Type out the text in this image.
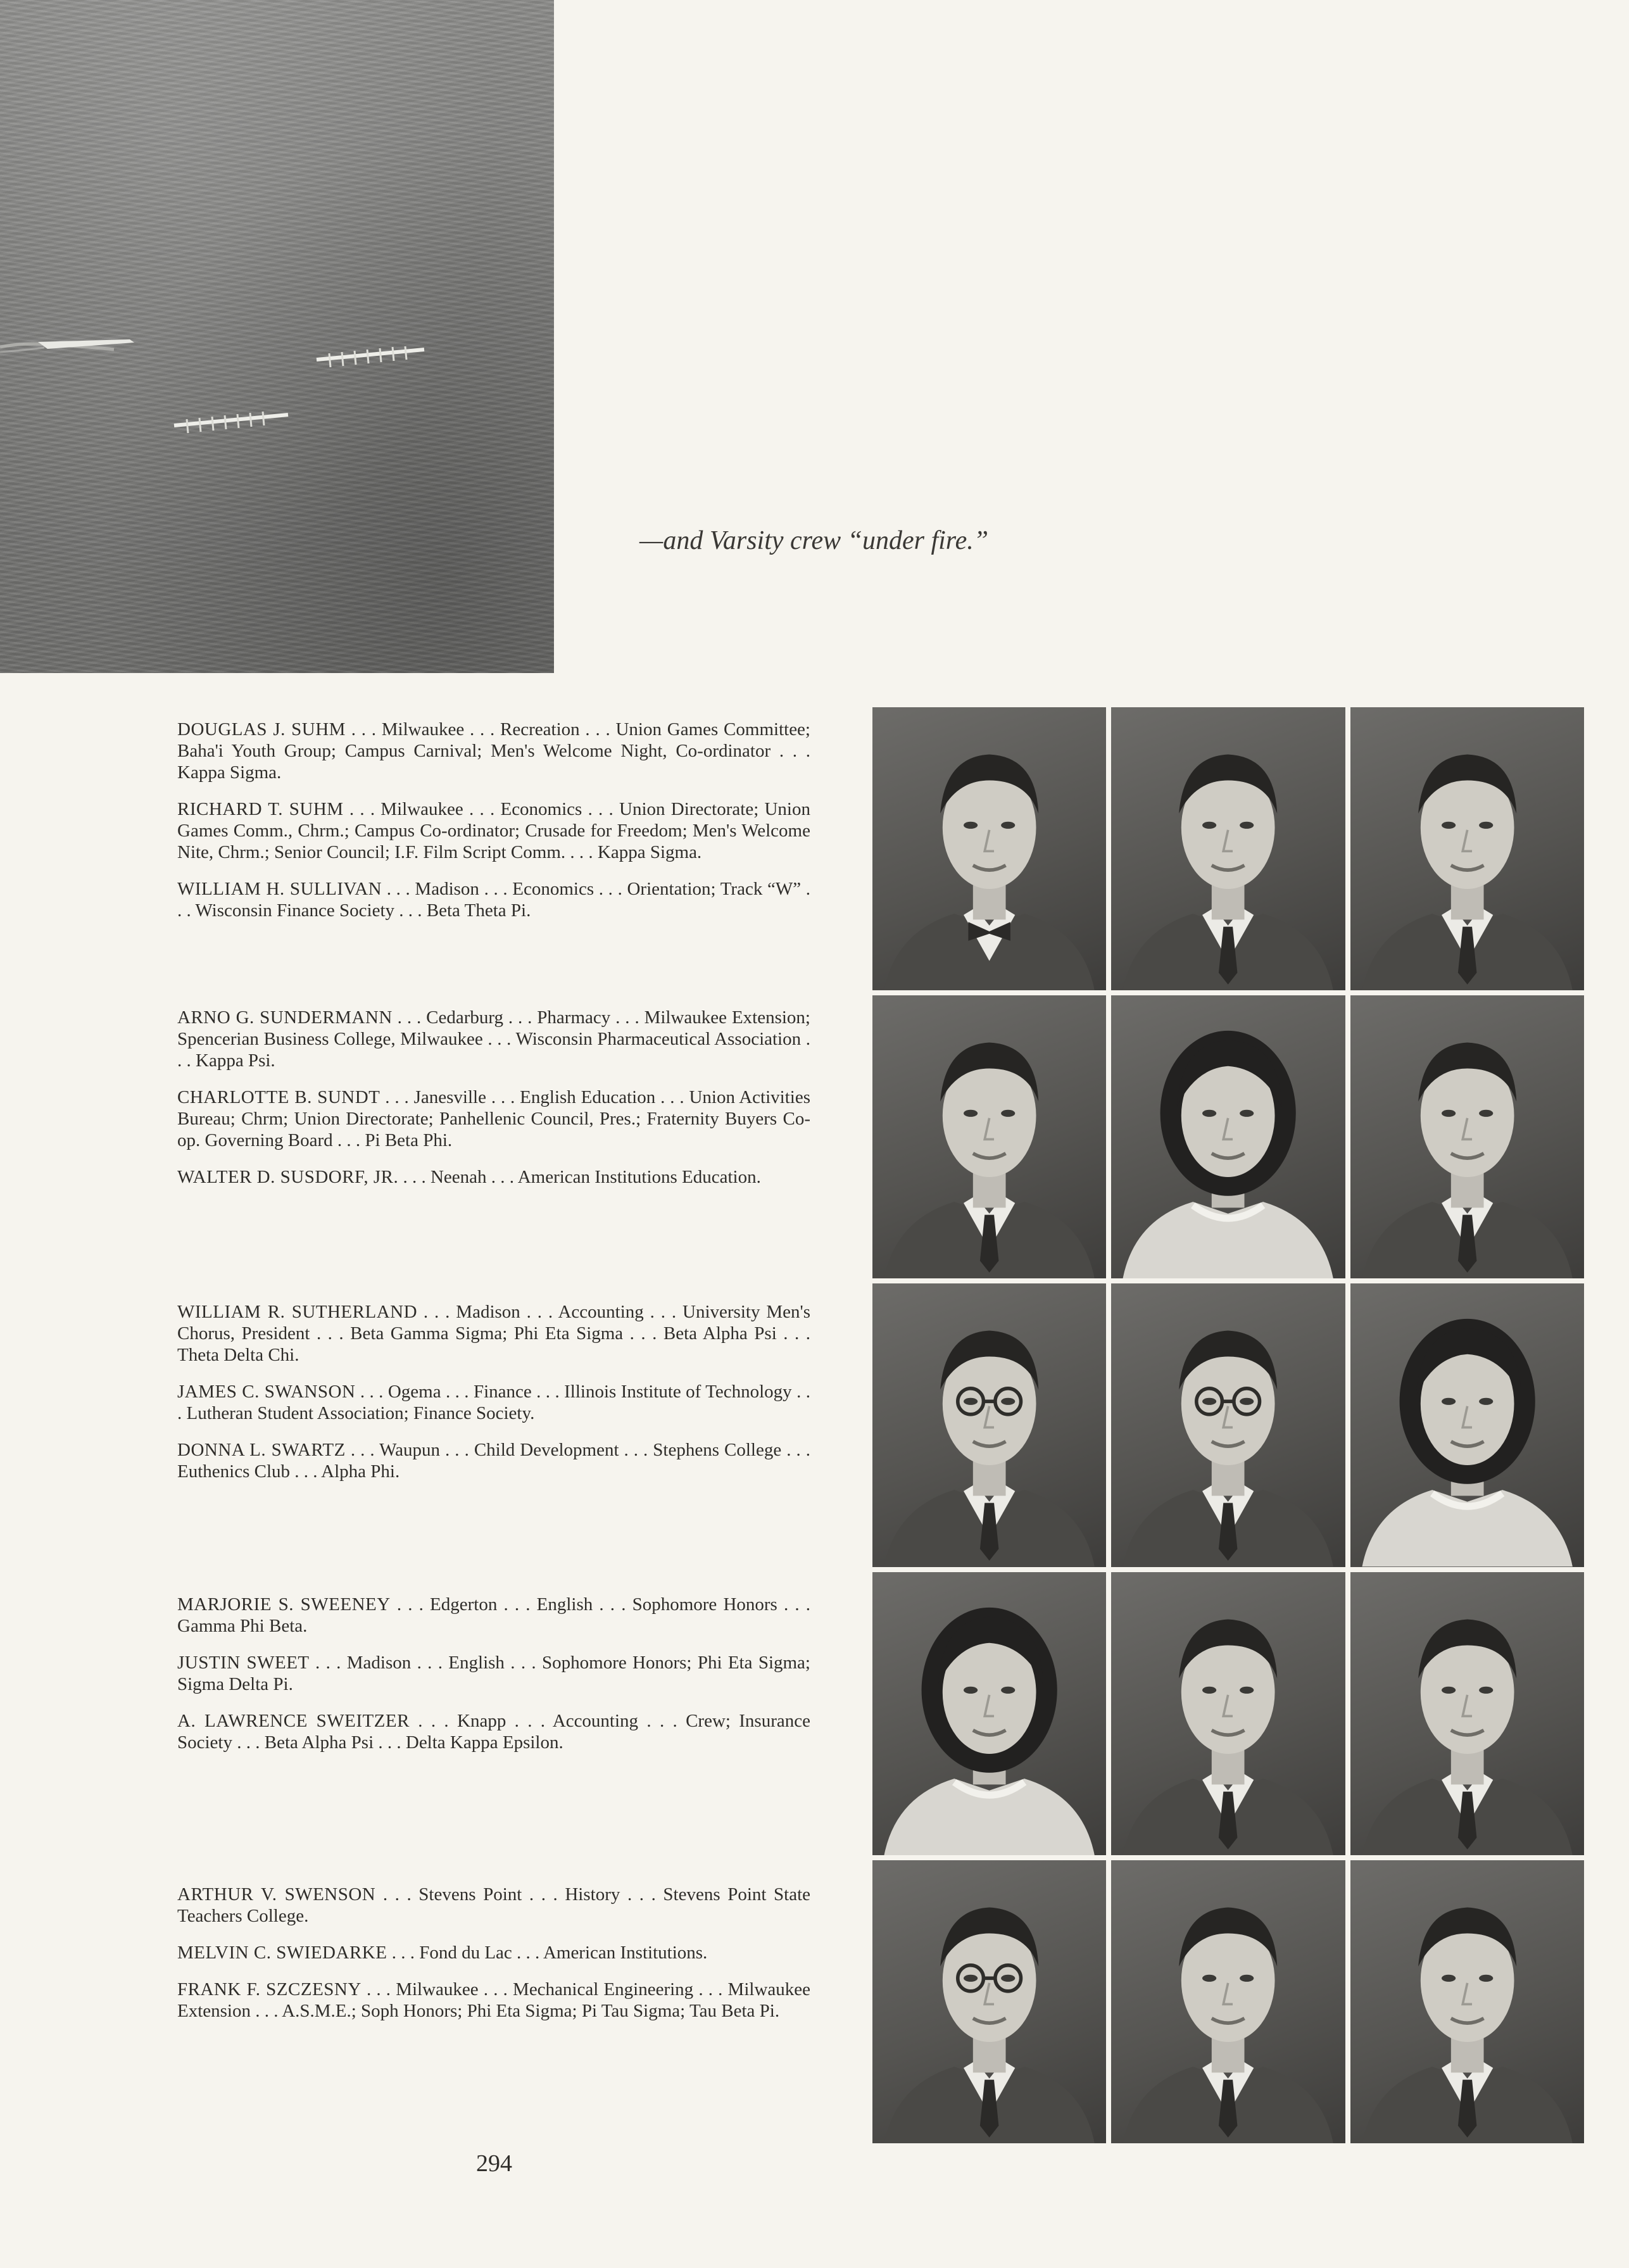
—and Varsity crew “under fire.”

DOUGLAS J. SUHM . . . Milwaukee . . . Recreation . . . Union Games Committee; Baha'i Youth Group; Campus Carnival; Men's Welcome Night, Co-ordinator . . . Kappa Sigma.

RICHARD T. SUHM . . . Milwaukee . . . Economics . . . Union Directorate; Union Games Comm., Chrm.; Campus Co-ordinator; Crusade for Freedom; Men's Welcome Nite, Chrm.; Senior Council; I.F. Film Script Comm. . . . Kappa Sigma.

WILLIAM H. SULLIVAN . . . Madison . . . Economics . . . Orientation; Track “W” . . . Wisconsin Finance Society . . . Beta Theta Pi.

ARNO G. SUNDERMANN . . . Cedarburg . . . Pharmacy . . . Milwaukee Extension; Spencerian Business College, Milwaukee . . . Wisconsin Pharmaceutical Association . . . Kappa Psi.

CHARLOTTE B. SUNDT . . . Janesville . . . English Education . . . Union Activities Bureau; Chrm; Union Directorate; Panhellenic Council, Pres.; Fraternity Buyers Co-op. Governing Board . . . Pi Beta Phi.

WALTER D. SUSDORF, JR. . . . Neenah . . . American Institutions Education.

WILLIAM R. SUTHERLAND . . . Madison . . . Accounting . . . University Men's Chorus, President . . . Beta Gamma Sigma; Phi Eta Sigma . . . Beta Alpha Psi . . . Theta Delta Chi.

JAMES C. SWANSON . . . Ogema . . . Finance . . . Illinois Institute of Technology . . . Lutheran Student Association; Finance Society.

DONNA L. SWARTZ . . . Waupun . . . Child Development . . . Stephens College . . . Euthenics Club . . . Alpha Phi.

MARJORIE S. SWEENEY . . . Edgerton . . . English . . . Sophomore Honors . . . Gamma Phi Beta.

JUSTIN SWEET . . . Madison . . . English . . . Sophomore Honors; Phi Eta Sigma; Sigma Delta Pi.

A. LAWRENCE SWEITZER . . . Knapp . . . Accounting . . . Crew; Insurance Society . . . Beta Alpha Psi . . . Delta Kappa Epsilon.

ARTHUR V. SWENSON . . . Stevens Point . . . History . . . Stevens Point State Teachers College.

MELVIN C. SWIEDARKE . . . Fond du Lac . . . American Institutions.

FRANK F. SZCZESNY . . . Milwaukee . . . Mechanical Engineering . . . Milwaukee Extension . . . A.S.M.E.; Soph Honors; Phi Eta Sigma; Pi Tau Sigma; Tau Beta Pi.

294
